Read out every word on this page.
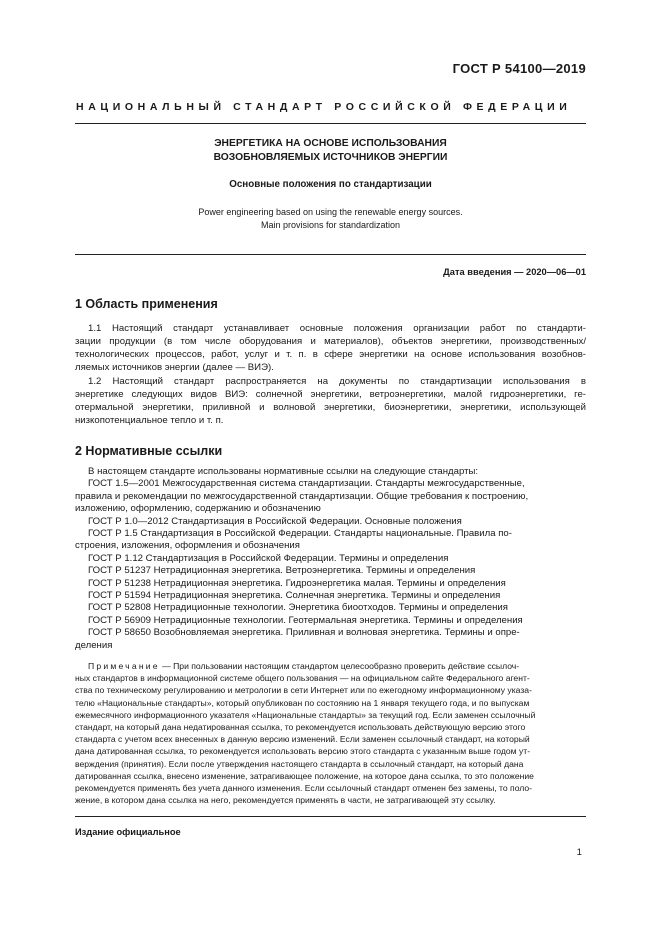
ГОСТ Р 54100—2019
НАЦИОНАЛЬНЫЙ СТАНДАРТ РОССИЙСКОЙ ФЕДЕРАЦИИ
ЭНЕРГЕТИКА НА ОСНОВЕ ИСПОЛЬЗОВАНИЯ
ВОЗОБНОВЛЯЕМЫХ ИСТОЧНИКОВ ЭНЕРГИИ
Основные положения по стандартизации
Power engineering based on using the renewable energy sources.
Main provisions for standardization
Дата введения — 2020—06—01
1 Область применения
1.1 Настоящий стандарт устанавливает основные положения организации работ по стандарти-
зации продукции (в том числе оборудования и материалов), объектов энергетики, производственных/
технологических процессов, работ, услуг и т. п. в сфере энергетики на основе использования возобнов-
ляемых источников энергии (далее — ВИЭ).
1.2 Настоящий стандарт распространяется на документы по стандартизации использования в
энергетике следующих видов ВИЭ: солнечной энергетики, ветроэнергетики, малой гидроэнергетики, ге-
отермальной энергетики, приливной и волновой энергетики, биоэнергетики, энергетики, использующей
низкопотенциальное тепло и т. п.
2 Нормативные ссылки
В настоящем стандарте использованы нормативные ссылки на следующие стандарты:
ГОСТ 1.5—2001 Межгосударственная система стандартизации. Стандарты межгосударственные,
правила и рекомендации по межгосударственной стандартизации. Общие требования к построению,
изложению, оформлению, содержанию и обозначению
ГОСТ Р 1.0—2012 Стандартизация в Российской Федерации. Основные положения
ГОСТ Р 1.5 Стандартизация в Российской Федерации. Стандарты национальные. Правила по-
строения, изложения, оформления и обозначения
ГОСТ Р 1.12 Стандартизация в Российской Федерации. Термины и определения
ГОСТ Р 51237 Нетрадиционная энергетика. Ветроэнергетика. Термины и определения
ГОСТ Р 51238 Нетрадиционная энергетика. Гидроэнергетика малая. Термины и определения
ГОСТ Р 51594 Нетрадиционная энергетика. Солнечная энергетика. Термины и определения
ГОСТ Р 52808 Нетрадиционные технологии. Энергетика биоотходов. Термины и определения
ГОСТ Р 56909 Нетрадиционные технологии. Геотермальная энергетика. Термины и определения
ГОСТ Р 58650 Возобновляемая энергетика. Приливная и волновая энергетика. Термины и опре-
деления
Примечание — При пользовании настоящим стандартом целесообразно проверить действие ссылоч-
ных стандартов в информационной системе общего пользования — на официальном сайте Федерального агент-
ства по техническому регулированию и метрологии в сети Интернет или по ежегодному информационному указа-
телю «Национальные стандарты», который опубликован по состоянию на 1 января текущего года, и по выпускам
ежемесячного информационного указателя «Национальные стандарты» за текущий год. Если заменен ссылочный
стандарт, на который дана недатированная ссылка, то рекомендуется использовать действующую версию этого
стандарта с учетом всех внесенных в данную версию изменений. Если заменен ссылочный стандарт, на который
дана датированная ссылка, то рекомендуется использовать версию этого стандарта с указанным выше годом ут-
верждения (принятия). Если после утверждения настоящего стандарта в ссылочный стандарт, на который дана
датированная ссылка, внесено изменение, затрагивающее положение, на которое дана ссылка, то это положение
рекомендуется применять без учета данного изменения. Если ссылочный стандарт отменен без замены, то поло-
жение, в котором дана ссылка на него, рекомендуется применять в части, не затрагивающей эту ссылку.
Издание официальное
1
